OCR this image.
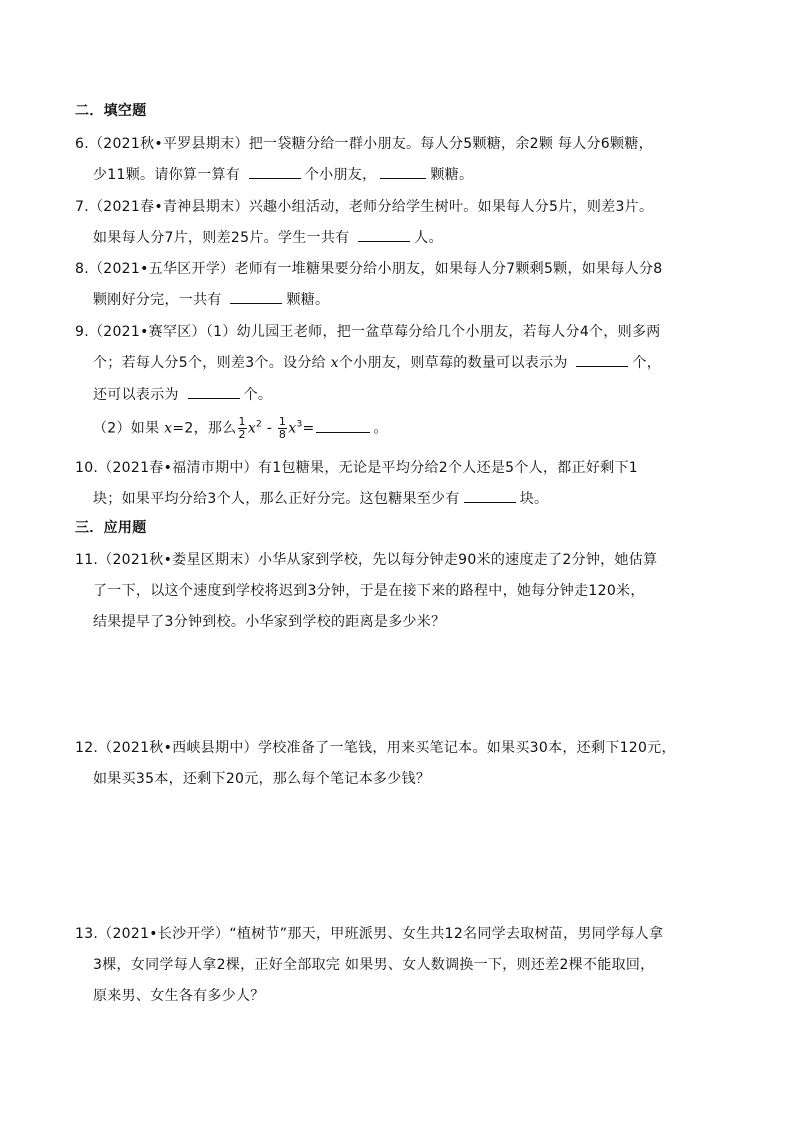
二．填空题
6.（2021秋•平罗县期末）把一袋糖分给一群小朋友。每人分5颗糖，余2颗 每人分6颗糖，
少11颗。请你算一算有	个小朋友，	颗糖。
7.（2021春•青神县期末）兴趣小组活动，老师分给学生树叶。如果每人分5片，则差3片。
如果每人分7片，则差25片。学生一共有	人。
8.（2021•五华区开学）老师有一堆糖果要分给小朋友，如果每人分7颗剩5颗，如果每人分8
颗刚好分完，一共有	颗糖。
9.（2021•赛罕区）（1）幼儿园王老师，把一盆草莓分给几个小朋友，若每人分4个，则多两
个；若每人分5个，则差3个。设分给 x个小朋友，则草莓的数量可以表示为	个，
还可以表示为	个。
（2）如果 x=2，那么 $\frac{1}{2} x^2 - \frac{1}{8} x^3=$	。
10.（2021春•福清市期中）有1包糖果，无论是平均分给2个人还是5个人，都正好剩下1
块；如果平均分给3个人，那么正好分完。这包糖果至少有	块。
三．应用题
11.（2021秋•娄星区期末）小华从家到学校，先以每分钟走90米的速度走了2分钟，她估算
了一下，以这个速度到学校将迟到3分钟，于是在接下来的路程中，她每分钟走120米，
结果提早了3分钟到校。小华家到学校的距离是多少米？
12.（2021秋•西峡县期中）学校准备了一笔钱，用来买笔记本。如果买30本，还剩下120元，
如果买35本，还剩下20元，那么每个笔记本多少钱？
13.（2021•长沙开学）“植树节”那天，甲班派男、女生共12名同学去取树苗，男同学每人拿
3棵，女同学每人拿2棵，正好全部取完 如果男、女人数调换一下，则还差2棵不能取回，
原来男、女生各有多少人？
